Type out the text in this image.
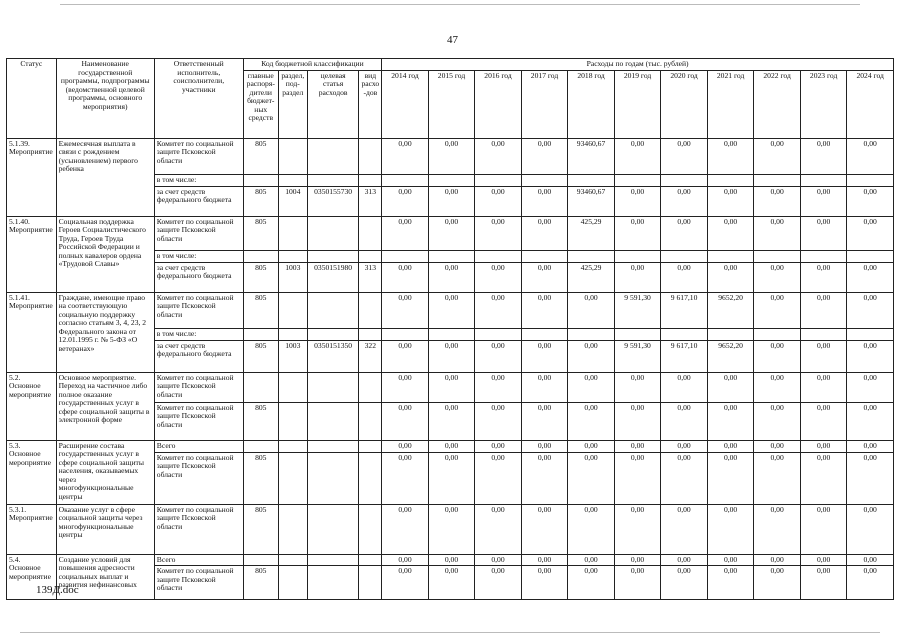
47
Статус	Наименование государственной программы, подпрограммы (ведомственной целевой программы, основного мероприятия)	Ответственный исполнитель, соисполнители, участники	Код бюджетной классификации				Расходы по годам (тыс. рублей)										
			главные распоря-дители бюджет-ных средств	раздел, под-раздел	целевая статья расходов	вид расхо-дов	2014 год	2015 год	2016 год	2017 год	2018 год	2019 год	2020 год	2021 год	2022 год	2023 год	2024 год
5.1.39. Мероприятие	Ежемесячная выплата в связи с рождением (усыновлением) первого ребенка	Комитет по социальной защите Псковской области	805				0,00	0,00	0,00	0,00	93460,67	0,00	0,00	0,00	0,00	0,00	0,00
		в том числе:															
		за счет средств федерального бюджета	805	1004	0350155730	313	0,00	0,00	0,00	0,00	93460,67	0,00	0,00	0,00	0,00	0,00	0,00
5.1.40. Мероприятие	Социальная поддержка Героев Социалистического Труда, Героев Труда Российской Федерации и полных кавалеров ордена «Трудовой Славы»	Комитет по социальной защите Псковской области	805				0,00	0,00	0,00	0,00	425,29	0,00	0,00	0,00	0,00	0,00	0,00
		в том числе:															
		за счет средств федерального бюджета	805	1003	0350151980	313	0,00	0,00	0,00	0,00	425,29	0,00	0,00	0,00	0,00	0,00	0,00
5.1.41. Мероприятие	Граждане, имеющие право на соответствующую социальную поддержку согласно статьям 3, 4, 23, 2 Федерального закона от 12.01.1995 г. № 5-ФЗ «О ветеранах»	Комитет по социальной защите Псковской области	805				0,00	0,00	0,00	0,00	0,00	9 591,30	9 617,10	9652,20	0,00	0,00	0,00
		в том числе:															
		за счет средств федерального бюджета	805	1003	0350151350	322	0,00	0,00	0,00	0,00	0,00	9 591,30	9 617,10	9652,20	0,00	0,00	0,00
5.2. Основное мероприятие	Основное мероприятие. Переход на частичное либо полное оказание государственных услуг в сфере социальной защиты в электронной форме	Комитет по социальной защите Псковской области					0,00	0,00	0,00	0,00	0,00	0,00	0,00	0,00	0,00	0,00	0,00
		Комитет по социальной защите Псковской области	805				0,00	0,00	0,00	0,00	0,00	0,00	0,00	0,00	0,00	0,00	0,00
5.3. Основное мероприятие	Расширение состава государственных услуг в сфере социальной защиты населения, оказываемых через многофункциональные центры	Всего					0,00	0,00	0,00	0,00	0,00	0,00	0,00	0,00	0,00	0,00	0,00
		Комитет по социальной защите Псковской области	805				0,00	0,00	0,00	0,00	0,00	0,00	0,00	0,00	0,00	0,00	0,00
5.3.1. Мероприятие	Оказание услуг в сфере социальной защиты через многофункциональные центры	Комитет по социальной защите Псковской области	805				0,00	0,00	0,00	0,00	0,00	0,00	0,00	0,00	0,00	0,00	0,00
5.4. Основное мероприятие	Создание условий для повышения адресности социальных выплат и развития нефинансовых	Всего					0,00	0,00	0,00	0,00	0,00	0,00	0,00	0,00	0,00	0,00	0,00
		Комитет по социальной защите Псковской области	805				0,00	0,00	0,00	0,00	0,00	0,00	0,00	0,00	0,00	0,00	0,00
139Д.doc
